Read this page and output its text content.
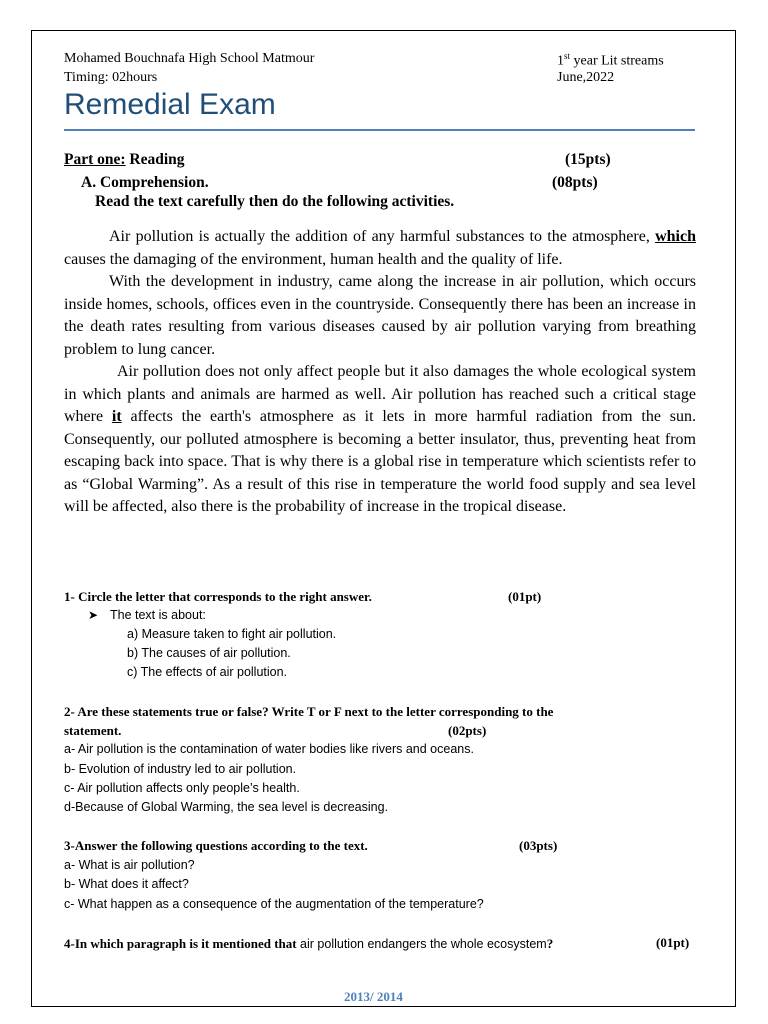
Mohamed Bouchnafa High School Matmour
Timing: 02hours
1st year Lit streams
June,2022
Remedial Exam
Part one: Reading	(15pts)
A. Comprehension.	(08pts)
Read the text carefully then do the following activities.

Air pollution is actually the addition of any harmful substances to the atmosphere, which causes the damaging of the environment, human health and the quality of life.

With the development in industry, came along the increase in air pollution, which occurs inside homes, schools, offices even in the countryside. Consequently there has been an increase in the death rates resulting from various diseases caused by air pollution varying from breathing problem to lung cancer.

Air pollution does not only affect people but it also damages the whole ecological system in which plants and animals are harmed as well. Air pollution has reached such a critical stage where it affects the earth's atmosphere as it lets in more harmful radiation from the sun. Consequently, our polluted atmosphere is becoming a better insulator, thus, preventing heat from escaping back into space. That is why there is a global rise in temperature which scientists refer to as “Global Warming”. As a result of this rise in temperature the world food supply and sea level will be affected, also there is the probability of increase in the tropical disease.

1- Circle the letter that corresponds to the right answer.	(01pt)
➤ The text is about:
a) Measure taken to fight air pollution.
b) The causes of air pollution.
c) The effects of air pollution.
2- Are these statements true or false? Write T or F next to the letter corresponding to the
statement.	(02pts)
a- Air pollution is the contamination of water bodies like rivers and oceans.
b- Evolution of industry led to air pollution.
c- Air pollution affects only people’s health.
d-Because of Global Warming, the sea level is decreasing.
3-Answer the following questions according to the text.	(03pts)
a- What is air pollution?
b- What does it affect?
c- What happen as a consequence of the augmentation of the temperature?
4-In which paragraph is it mentioned that air pollution endangers the whole ecosystem?	(01pt)
2013/ 2014
